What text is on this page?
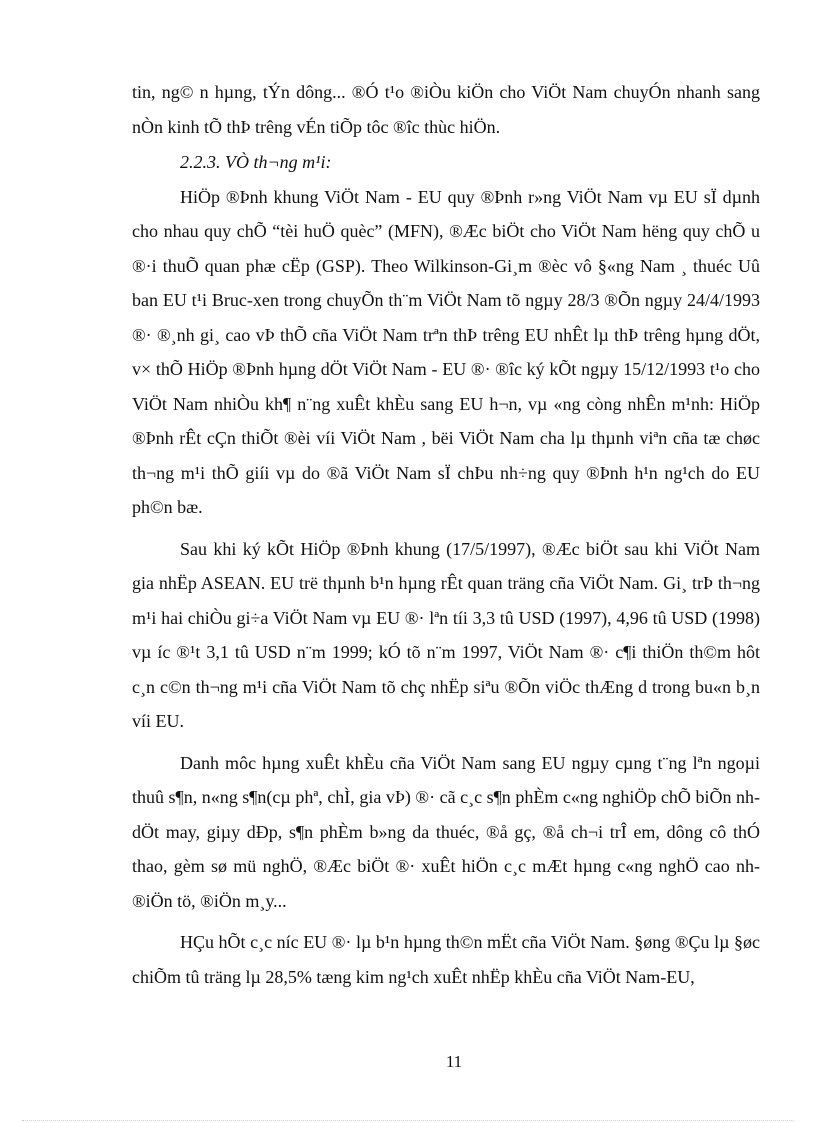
tin, ng© n hµng, tÝn dông... ®Ó t¹o ®iÒu kiÖn cho ViÖt Nam chuyÓn nhanh sang nÒn kinh tÕ thÞ trêng vÉn tiÕp tôc ®îc thùc hiÖn.

2.2.3. VÒ th¬ng m¹i:

HiÖp ®Þnh khung ViÖt Nam - EU quy ®Þnh r»ng ViÖt Nam vµ EU sÏ dµnh cho nhau quy chÕ “tèi huÖ quèc” (MFN), ®Æc biÖt cho ViÖt Nam hëng quy chÕ u ®·i thuÕ quan phæ cËp (GSP). Theo Wilkinson-Gi¸m ®èc vô §«ng Nam ¸ thuéc Uû ban EU t¹i Bruc-xen trong chuyÕn th¨m ViÖt Nam tõ ngµy 28/3 ®Õn ngµy 24/4/1993 ®· ®¸nh gi¸ cao vÞ thÕ cña ViÖt Nam trªn thÞ trêng EU nhÊt lµ thÞ trêng hµng dÖt, v× thÕ HiÖp ®Þnh hµng dÖt ViÖt Nam - EU ®· ®îc ký kÕt ngµy 15/12/1993 t¹o cho ViÖt Nam nhiÒu kh¶ n¨ng xuÊt khÈu sang EU h¬n, vµ «ng còng nhÊn m¹nh: HiÖp ®Þnh rÊt cÇn thiÕt ®èi víi ViÖt Nam , bëi ViÖt Nam cha lµ thµnh viªn cña tæ chøc th¬ng m¹i thÕ giíi vµ do ®ã ViÖt Nam sÏ chÞu nh÷ng quy ®Þnh h¹n ng¹ch do EU ph©n bæ.

Sau khi ký kÕt HiÖp ®Þnh khung (17/5/1997), ®Æc biÖt sau khi ViÖt Nam gia nhËp ASEAN. EU trë thµnh b¹n hµng rÊt quan träng cña ViÖt Nam. Gi¸ trÞ th¬ng m¹i hai chiÒu gi÷a ViÖt Nam vµ EU ®· lªn tíi 3,3 tû USD (1997), 4,96 tû USD (1998) vµ íc ®¹t 3,1 tû USD n¨m 1999; kÓ tõ n¨m 1997, ViÖt Nam ®· c¶i thiÖn th©m hôt c¸n c©n th¬ng m¹i cña ViÖt Nam tõ chç nhËp siªu ®Õn viÖc thÆng d trong bu«n b¸n víi EU.

Danh môc hµng xuÊt khÈu cña ViÖt Nam sang EU ngµy cµng t¨ng lªn ngoµi thuû s¶n, n«ng s¶n(cµ phª, chÌ, gia vÞ) ®· cã c¸c s¶n phÈm c«ng nghiÖp chÕ biÕn nh dÖt may, giµy dÐp, s¶n phÈm b»ng da thuéc, ®å gç, ®å ch¬i trÎ em, dông cô thÓ thao, gèm sø mü nghÖ, ®Æc biÖt ®· xuÊt hiÖn c¸c mÆt hµng c«ng nghÖ cao nh ®iÖn tö, ®iÖn m¸y...

HÇu hÕt c¸c níc EU ®· lµ b¹n hµng th©n mËt cña ViÖt Nam. §øng ®Çu lµ §øc chiÕm tû träng lµ 28,5% tæng kim ng¹ch xuÊt nhËp khÈu cña ViÖt Nam-EU,

11
